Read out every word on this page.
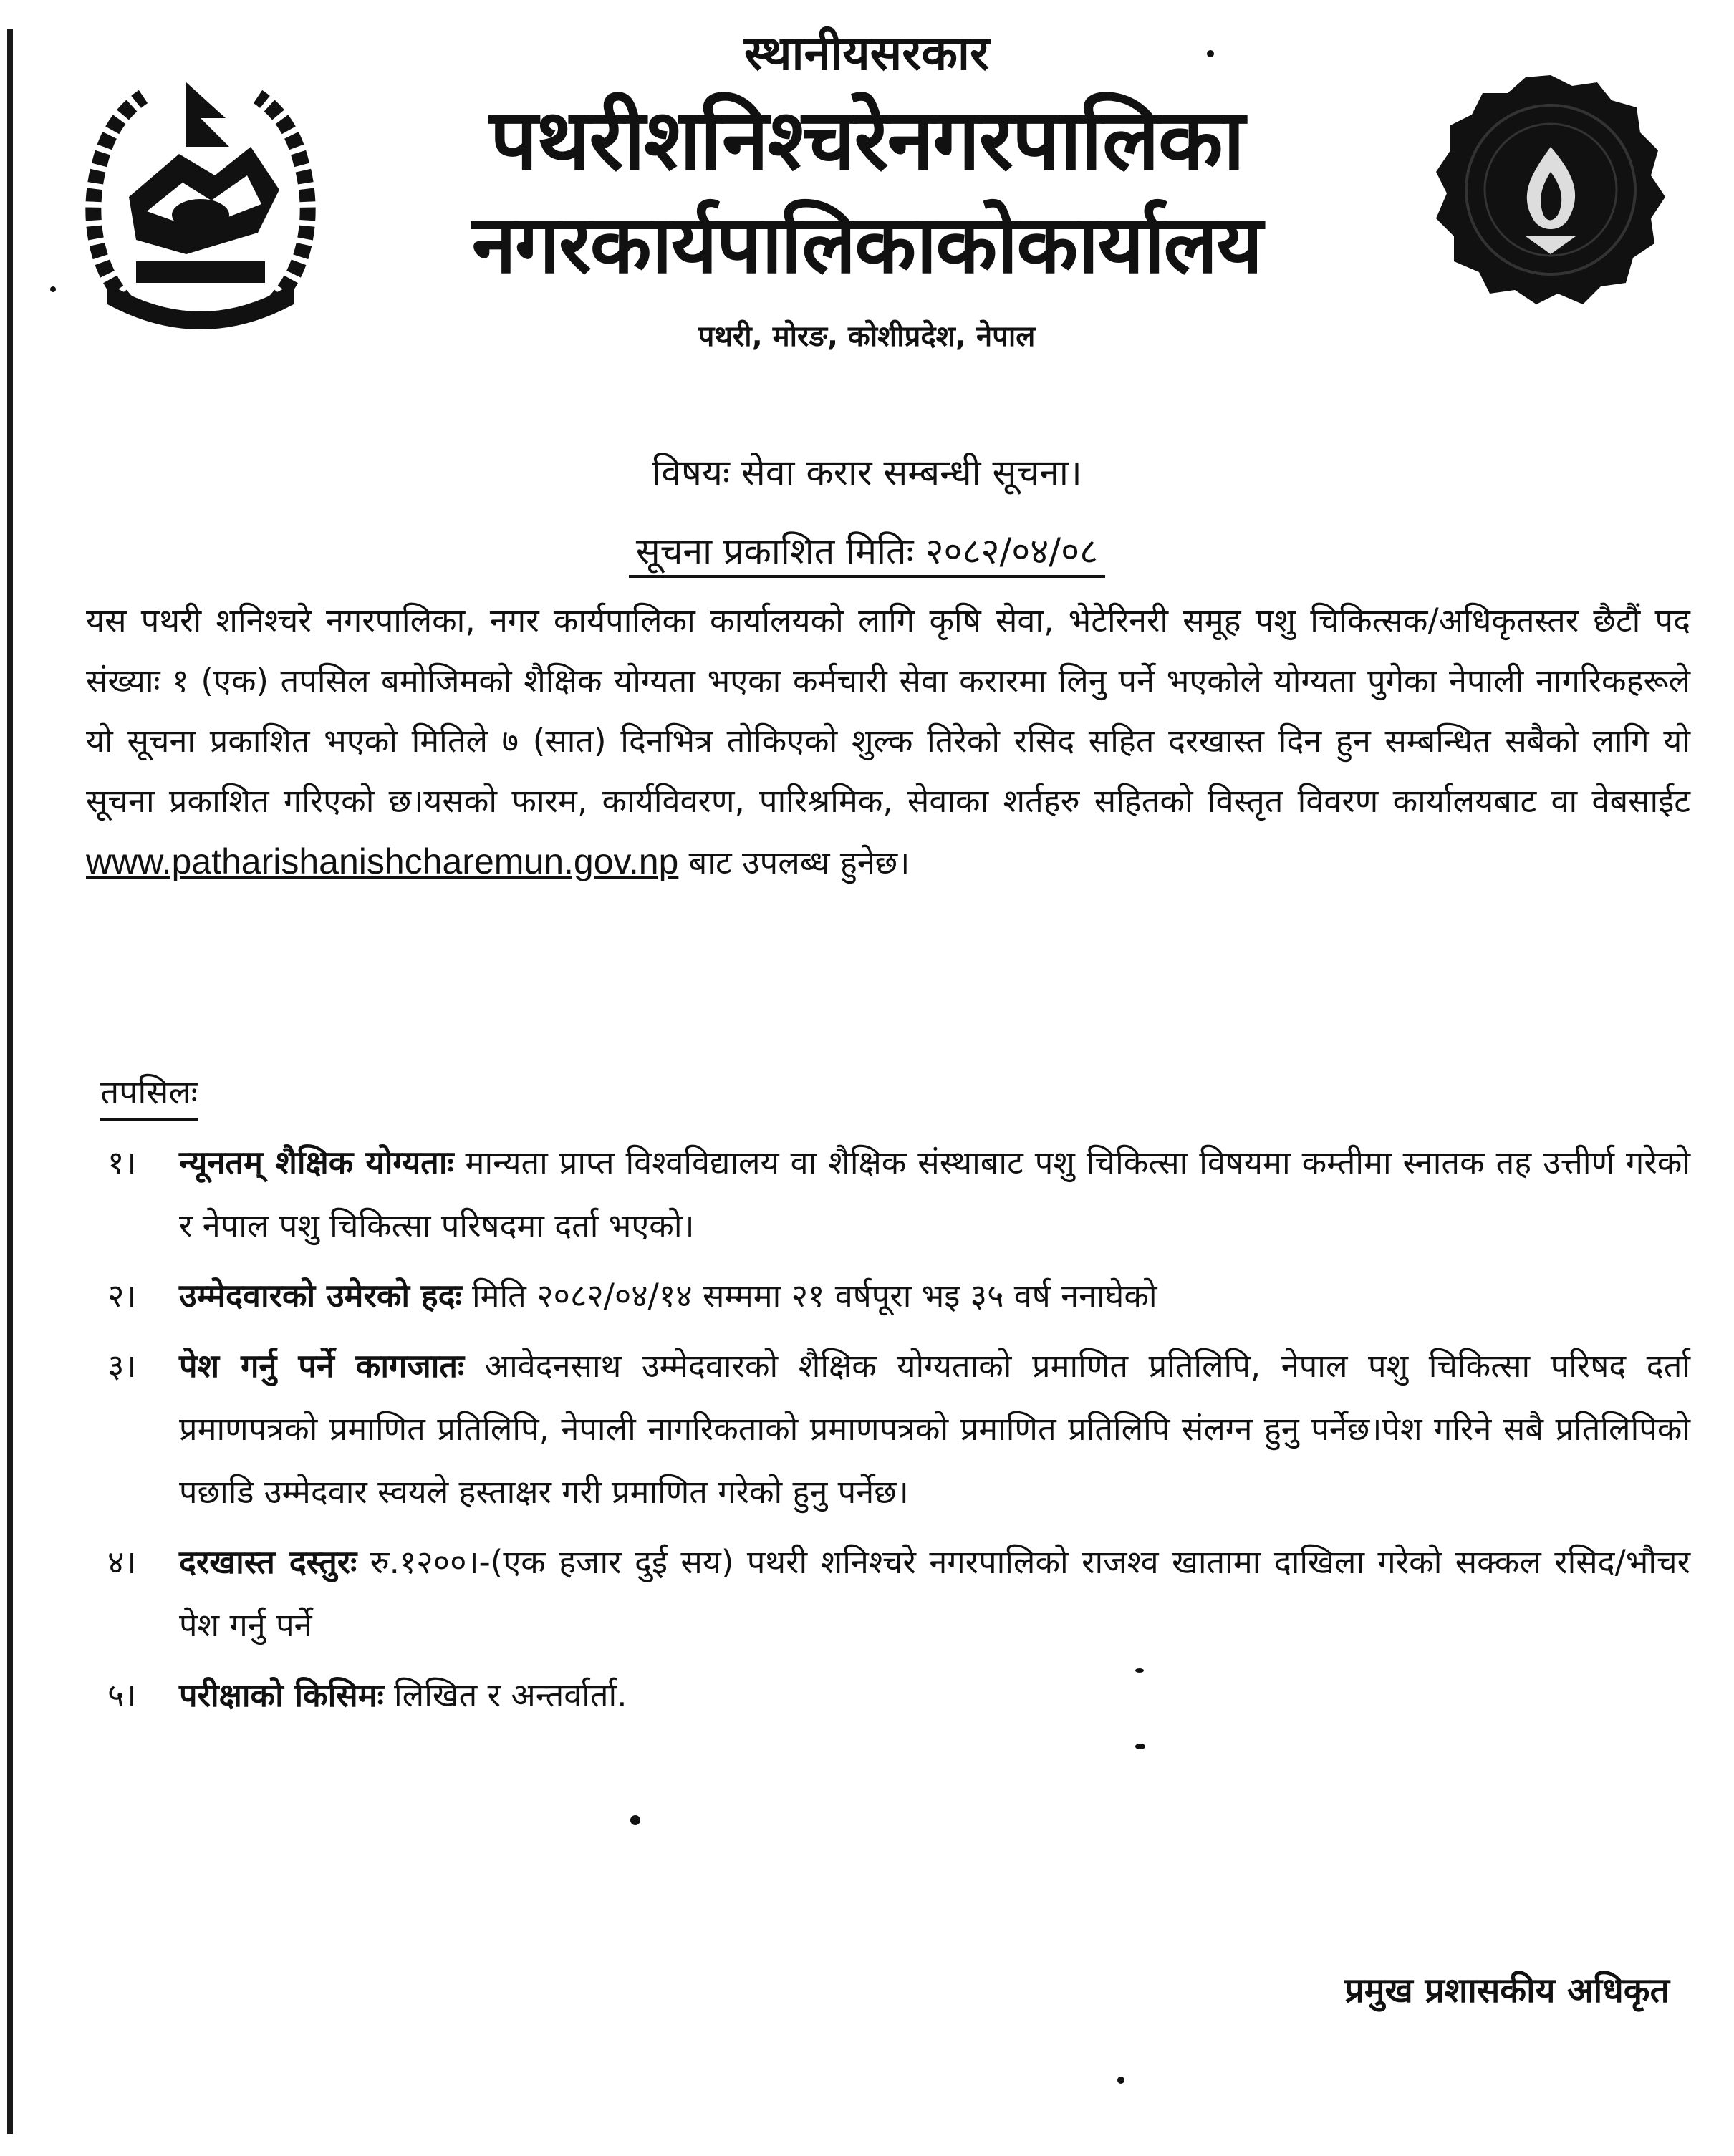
स्थानीयसरकार
पथरीशनिश्चरेनगरपालिका
नगरकार्यपालिकाकोकार्यालय
पथरी, मोरङ, कोशीप्रदेश, नेपाल
विषयः सेवा करार सम्बन्धी सूचना।
सूचना प्रकाशित मितिः २०८२/०४/०८
यस पथरी शनिश्चरे नगरपालिका, नगर कार्यपालिका कार्यालयको लागि कृषि सेवा, भेटेरिनरी समूह पशु चिकित्सक/अधिकृतस्तर छैटौं पद संख्याः १ (एक) तपसिल बमोजिमको शैक्षिक योग्यता भएका कर्मचारी सेवा करारमा लिनु पर्ने भएकोले योग्यता पुगेका नेपाली नागरिकहरूले यो सूचना प्रकाशित भएको मितिले ७ (सात) दिनभित्र तोकिएको शुल्क तिरेको रसिद सहित दरखास्त दिन हुन सम्बन्धित सबैको लागि यो सूचना प्रकाशित गरिएको छ।यसको फारम, कार्यविवरण, पारिश्रमिक, सेवाका शर्तहरु सहितको विस्तृत विवरण कार्यालयबाट वा वेबसाईट www.patharishanishcharemun.gov.np बाट उपलब्ध हुनेछ।
तपसिलः
१।	न्यूनतम् शैक्षिक योग्यताः मान्यता प्राप्त विश्वविद्यालय वा शैक्षिक संस्थाबाट पशु चिकित्सा विषयमा कम्तीमा स्नातक तह उत्तीर्ण गरेको र नेपाल पशु चिकित्सा परिषदमा दर्ता भएको।
२।	उम्मेदवारको उमेरको हदः मिति २०८२/०४/१४ सम्ममा २१ वर्षपूरा भइ ३५ वर्ष ननाघेको
३।	पेश गर्नु पर्ने कागजातः आवेदनसाथ उम्मेदवारको शैक्षिक योग्यताको प्रमाणित प्रतिलिपि, नेपाल पशु चिकित्सा परिषद दर्ता प्रमाणपत्रको प्रमाणित प्रतिलिपि, नेपाली नागरिकताको प्रमाणपत्रको प्रमाणित प्रतिलिपि संलग्न हुनु पर्नेछ।पेश गरिने सबै प्रतिलिपिको पछाडि उम्मेदवार स्वयले हस्ताक्षर गरी प्रमाणित गरेको हुनु पर्नेछ।
४।	दरखास्त दस्तुरः रु.१२००।-(एक हजार दुई सय) पथरी शनिश्चरे नगरपालिको राजश्व खातामा दाखिला गरेको सक्कल रसिद/भौचर पेश गर्नु पर्ने
५।	परीक्षाको किसिमः लिखित र अन्तर्वार्ता.
प्रमुख प्रशासकीय अधिकृत
